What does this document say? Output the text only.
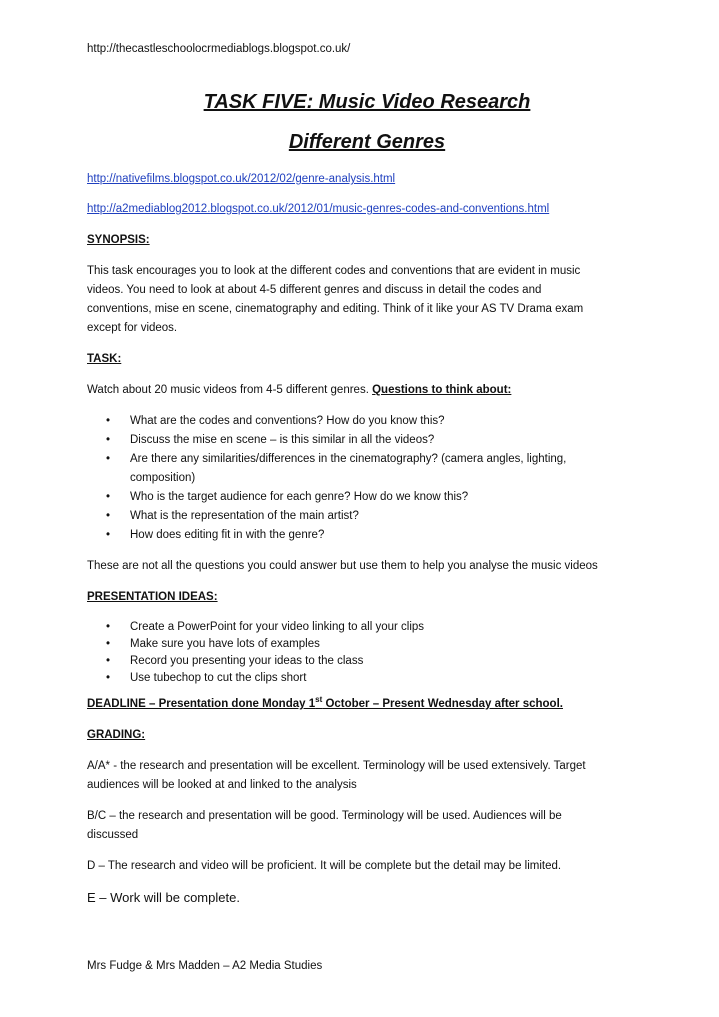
http://thecastleschoolocrmediablogs.blogspot.co.uk/
TASK FIVE: Music Video Research
Different Genres
http://nativefilms.blogspot.co.uk/2012/02/genre-analysis.html
http://a2mediablog2012.blogspot.co.uk/2012/01/music-genres-codes-and-conventions.html
SYNOPSIS:

This task encourages you to look at the different codes and conventions that are evident in music

videos. You need to look at about 4-5 different genres and discuss in detail the codes and

conventions, mise en scene, cinematography and editing. Think of it like your AS TV Drama exam

except for videos.

TASK:

Watch about 20 music videos from 4-5 different genres. Questions to think about:

• What are the codes and conventions? How do you know this?
• Discuss the mise en scene – is this similar in all the videos?
• Are there any similarities/differences in the cinematography? (camera angles, lighting,
composition)
• Who is the target audience for each genre? How do we know this?
• What is the representation of the main artist?
• How does editing fit in with the genre?

These are not all the questions you could answer but use them to help you analyse the music videos

PRESENTATION IDEAS:
• Create a PowerPoint for your video linking to all your clips
• Make sure you have lots of examples
• Record you presenting your ideas to the class
• Use tubechop to cut the clips short

DEADLINE – Presentation done Monday 1st October – Present Wednesday after school.

GRADING:

A/A* - the research and presentation will be excellent. Terminology will be used extensively. Target

audiences will be looked at and linked to the analysis

B/C – the research and presentation will be good. Terminology will be used. Audiences will be

discussed

D – The research and video will be proficient. It will be complete but the detail may be limited.

E – Work will be complete.

Mrs Fudge & Mrs Madden – A2 Media Studies
